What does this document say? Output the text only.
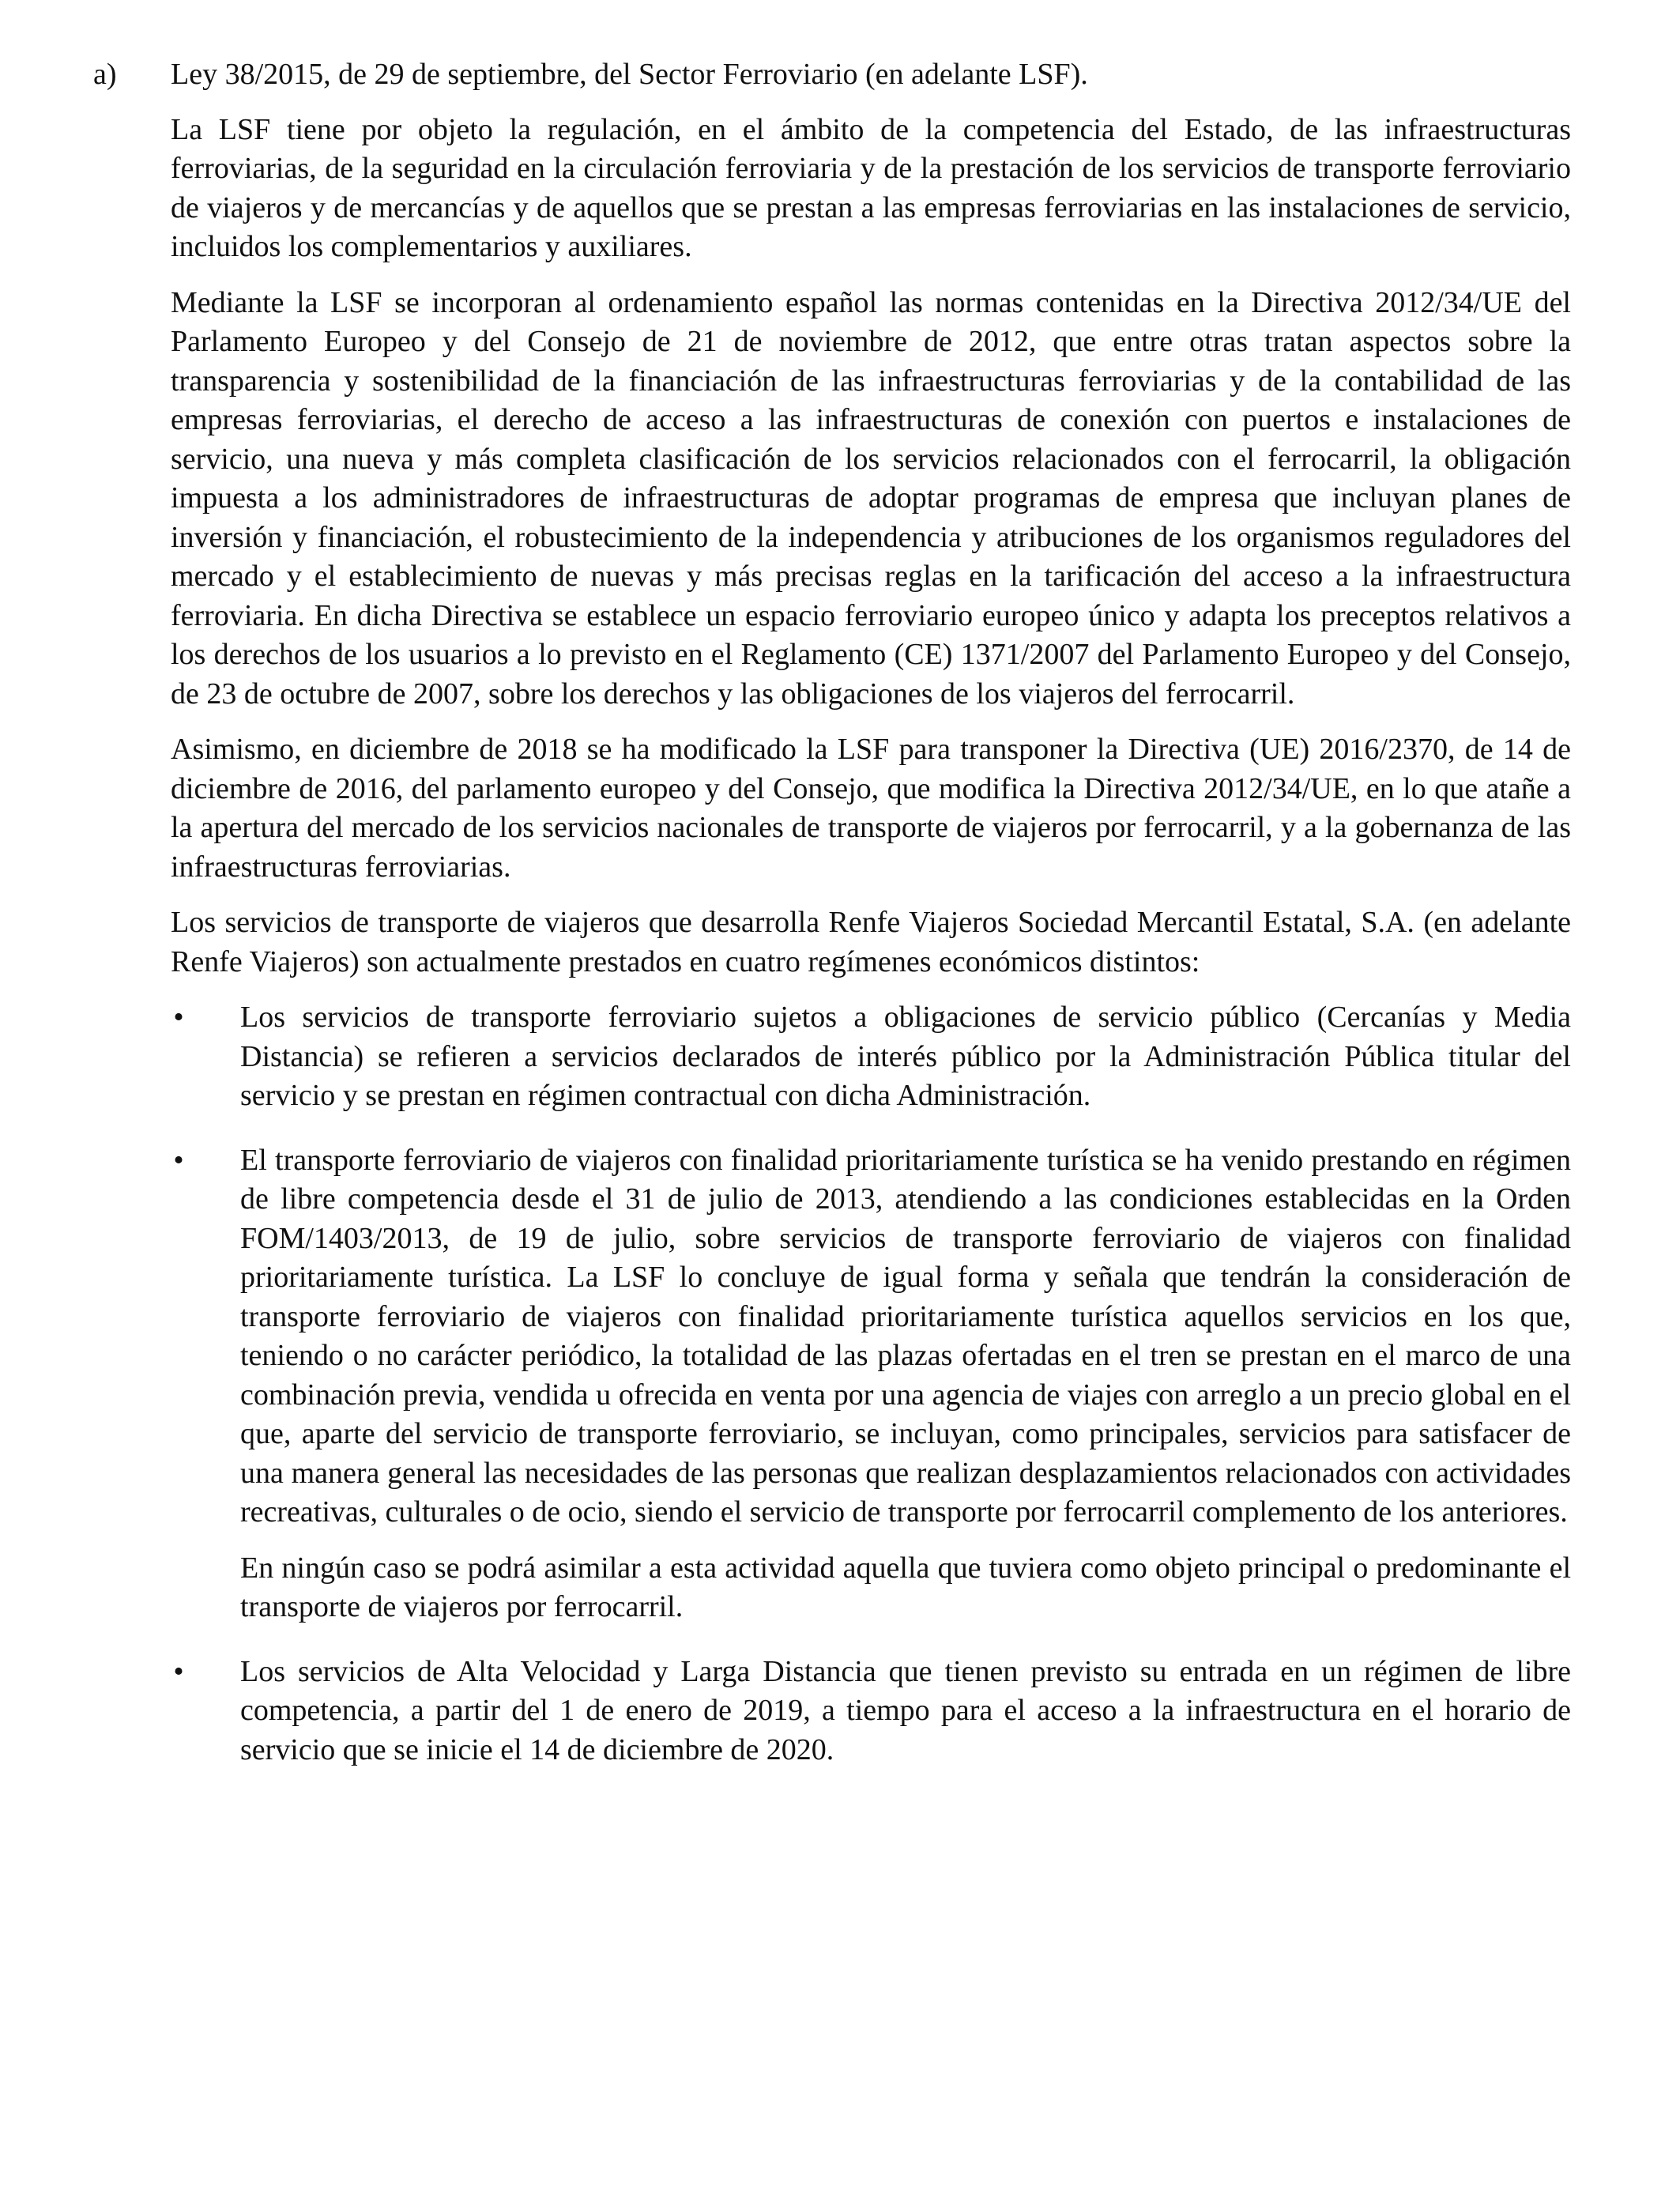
a) Ley 38/2015, de 29 de septiembre, del Sector Ferroviario (en adelante LSF).

La LSF tiene por objeto la regulación, en el ámbito de la competencia del Estado, de las infraestructuras ferroviarias, de la seguridad en la circulación ferroviaria y de la prestación de los servicios de transporte ferroviario de viajeros y de mercancías y de aquellos que se prestan a las empresas ferroviarias en las instalaciones de servicio, incluidos los complementarios y auxiliares.

Mediante la LSF se incorporan al ordenamiento español las normas contenidas en la Directiva 2012/34/UE del Parlamento Europeo y del Consejo de 21 de noviembre de 2012, que entre otras tratan aspectos sobre la transparencia y sostenibilidad de la financiación de las infraestructuras ferroviarias y de la contabilidad de las empresas ferroviarias, el derecho de acceso a las infraestructuras de conexión con puertos e instalaciones de servicio, una nueva y más completa clasificación de los servicios relacionados con el ferrocarril, la obligación impuesta a los administradores de infraestructuras de adoptar programas de empresa que incluyan planes de inversión y financiación, el robustecimiento de la independencia y atribuciones de los organismos reguladores del mercado y el establecimiento de nuevas y más precisas reglas en la tarificación del acceso a la infraestructura ferroviaria. En dicha Directiva se establece un espacio ferroviario europeo único y adapta los preceptos relativos a los derechos de los usuarios a lo previsto en el Reglamento (CE) 1371/2007 del Parlamento Europeo y del Consejo, de 23 de octubre de 2007, sobre los derechos y las obligaciones de los viajeros del ferrocarril.

Asimismo, en diciembre de 2018 se ha modificado la LSF para transponer la Directiva (UE) 2016/2370, de 14 de diciembre de 2016, del parlamento europeo y del Consejo, que modifica la Directiva 2012/34/UE, en lo que atañe a la apertura del mercado de los servicios nacionales de transporte de viajeros por ferrocarril, y a la gobernanza de las infraestructuras ferroviarias.

Los servicios de transporte de viajeros que desarrolla Renfe Viajeros Sociedad Mercantil Estatal, S.A. (en adelante Renfe Viajeros) son actualmente prestados en cuatro regímenes económicos distintos:

• Los servicios de transporte ferroviario sujetos a obligaciones de servicio público (Cercanías y Media Distancia) se refieren a servicios declarados de interés público por la Administración Pública titular del servicio y se prestan en régimen contractual con dicha Administración.

• El transporte ferroviario de viajeros con finalidad prioritariamente turística se ha venido prestando en régimen de libre competencia desde el 31 de julio de 2013, atendiendo a las condiciones establecidas en la Orden FOM/1403/2013, de 19 de julio, sobre servicios de transporte ferroviario de viajeros con finalidad prioritariamente turística. La LSF lo concluye de igual forma y señala que tendrán la consideración de transporte ferroviario de viajeros con finalidad prioritariamente turística aquellos servicios en los que, teniendo o no carácter periódico, la totalidad de las plazas ofertadas en el tren se prestan en el marco de una combinación previa, vendida u ofrecida en venta por una agencia de viajes con arreglo a un precio global en el que, aparte del servicio de transporte ferroviario, se incluyan, como principales, servicios para satisfacer de una manera general las necesidades de las personas que realizan desplazamientos relacionados con actividades recreativas, culturales o de ocio, siendo el servicio de transporte por ferrocarril complemento de los anteriores.

En ningún caso se podrá asimilar a esta actividad aquella que tuviera como objeto principal o predominante el transporte de viajeros por ferrocarril.

• Los servicios de Alta Velocidad y Larga Distancia que tienen previsto su entrada en un régimen de libre competencia, a partir del 1 de enero de 2019, a tiempo para el acceso a la infraestructura en el horario de servicio que se inicie el 14 de diciembre de 2020.
